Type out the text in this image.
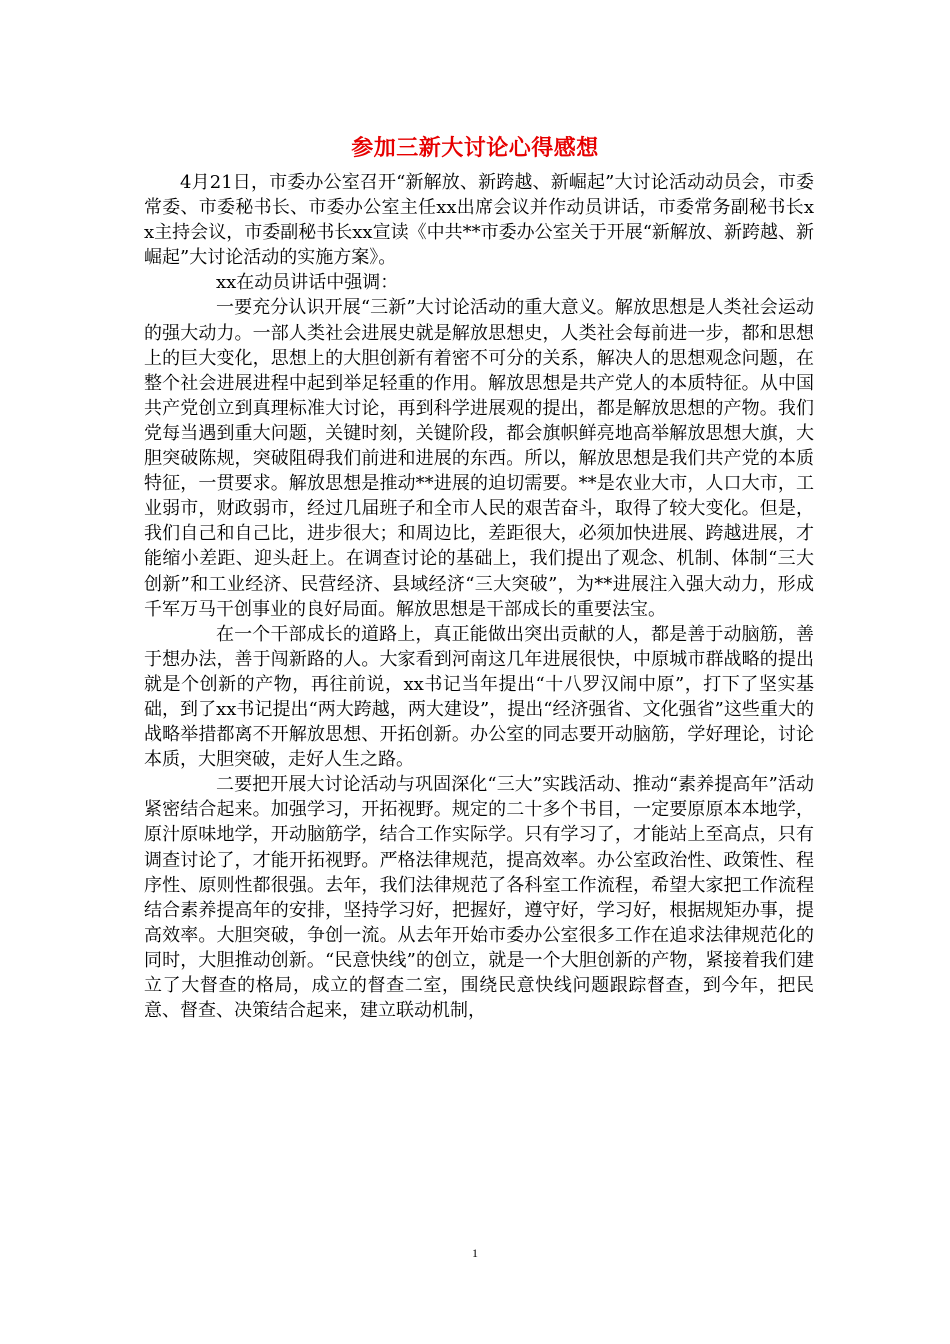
参加三新大讨论心得感想

4月21日，市委办公室召开“新解放、新跨越、新崛起”大讨论活动动员会，市委常委、市委秘书长、市委办公室主任xx出席会议并作动员讲话，市委常务副秘书长xx主持会议，市委副秘书长xx宣读《中共**市委办公室关于开展“新解放、新跨越、新崛起”大讨论活动的实施方案》。

xx在动员讲话中强调：

一要充分认识开展“三新”大讨论活动的重大意义。解放思想是人类社会运动的强大动力。一部人类社会进展史就是解放思想史，人类社会每前进一步，都和思想上的巨大变化，思想上的大胆创新有着密不可分的关系，解决人的思想观念问题，在整个社会进展进程中起到举足轻重的作用。解放思想是共产党人的本质特征。从中国共产党创立到真理标准大讨论，再到科学进展观的提出，都是解放思想的产物。我们党每当遇到重大问题，关键时刻，关键阶段，都会旗帜鲜亮地高举解放思想大旗，大胆突破陈规，突破阻碍我们前进和进展的东西。所以，解放思想是我们共产党的本质特征，一贯要求。解放思想是推动**进展的迫切需要。**是农业大市，人口大市，工业弱市，财政弱市，经过几届班子和全市人民的艰苦奋斗，取得了较大变化。但是，我们自己和自己比，进步很大；和周边比，差距很大，必须加快进展、跨越进展，才能缩小差距、迎头赶上。在调查讨论的基础上，我们提出了观念、机制、体制“三大创新”和工业经济、民营经济、县域经济“三大突破”，为**进展注入强大动力，形成千军万马干创事业的良好局面。解放思想是干部成长的重要法宝。

在一个干部成长的道路上，真正能做出突出贡献的人，都是善于动脑筋，善于想办法，善于闯新路的人。大家看到河南这几年进展很快，中原城市群战略的提出就是个创新的产物，再往前说，xx书记当年提出“十八罗汉闹中原”，打下了坚实基础，到了xx书记提出“两大跨越，两大建设”，提出“经济强省、文化强省”这些重大的战略举措都离不开解放思想、开拓创新。办公室的同志要开动脑筋，学好理论，讨论本质，大胆突破，走好人生之路。

二要把开展大讨论活动与巩固深化“三大”实践活动、推动“素养提高年”活动紧密结合起来。加强学习，开拓视野。规定的二十多个书目，一定要原原本本地学，原汁原味地学，开动脑筋学，结合工作实际学。只有学习了，才能站上至高点，只有调查讨论了，才能开拓视野。严格法律规范，提高效率。办公室政治性、政策性、程序性、原则性都很强。去年，我们法律规范了各科室工作流程，希望大家把工作流程结合素养提高年的安排，坚持学习好，把握好，遵守好，学习好，根据规矩办事，提高效率。大胆突破，争创一流。从去年开始市委办公室很多工作在追求法律规范化的同时，大胆推动创新。“民意快线”的创立，就是一个大胆创新的产物，紧接着我们建立了大督查的格局，成立的督查二室，围绕民意快线问题跟踪督查，到今年，把民意、督查、决策结合起来，建立联动机制，

1
